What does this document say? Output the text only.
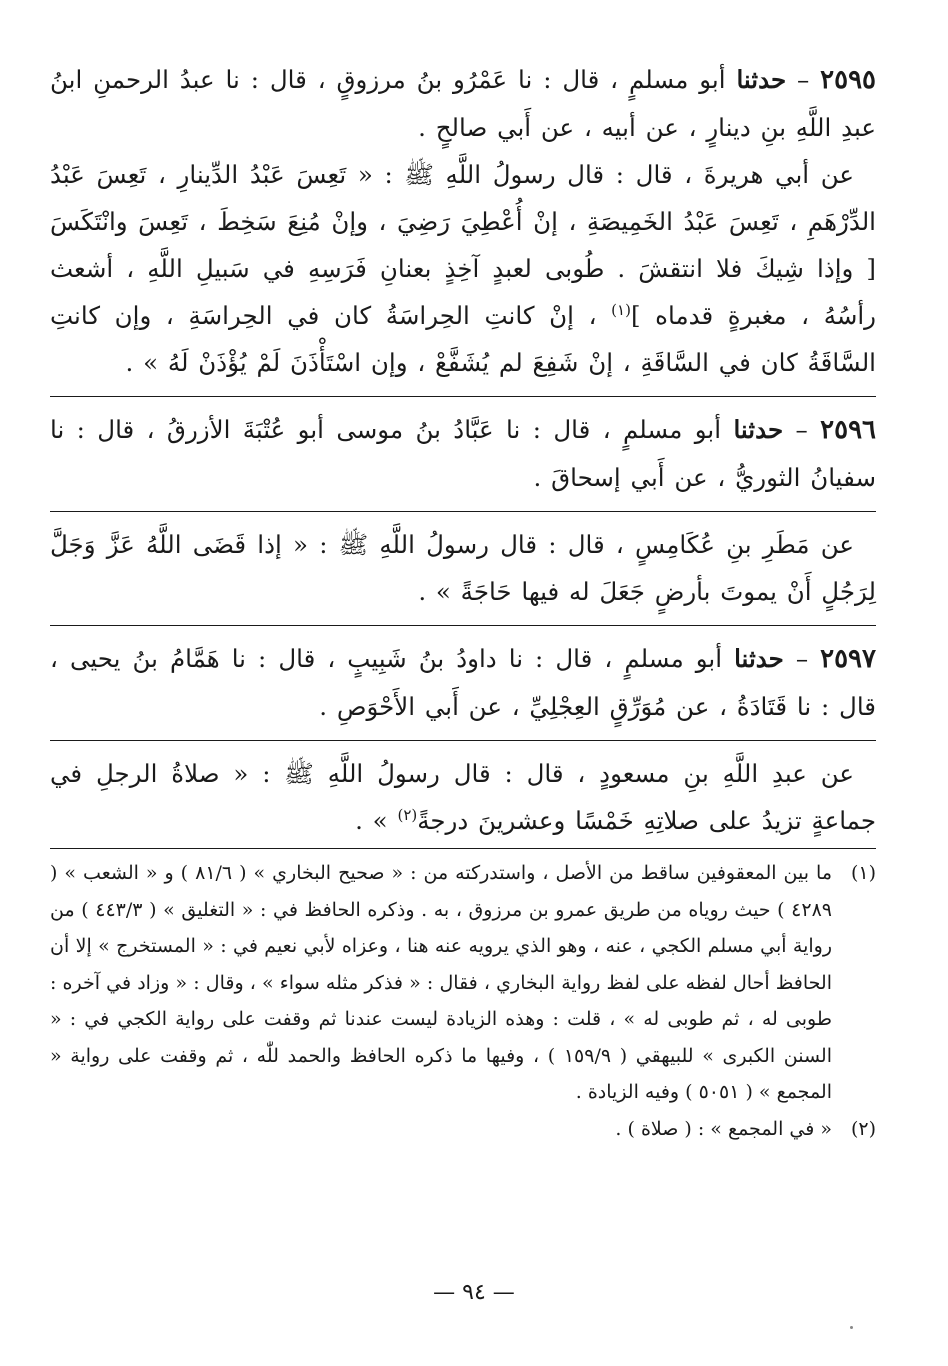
٢٥٩٥ – حدثنا أبو مسلمٍ ، قال : نا عَمْرُو بنُ مرزوقٍ ، قال : نا عبدُ الرحمنِ ابنُ عبدِ اللَّهِ بنِ دينارٍ ، عن أبيه ، عن أَبي صالحٍ .

عن أبي هريرةَ ، قال : قال رسولُ اللَّهِ ﷺ : « تَعِسَ عَبْدُ الدِّينارِ ، تَعِسَ عَبْدُ الدِّرْهَمِ ، تَعِسَ عَبْدُ الخَمِيصَةِ ، إنْ أُعْطِيَ رَضِيَ ، وإنْ مُنِعَ سَخِطَ ، تَعِسَ وانْتَكَسَ [ وإذا شِيكَ فلا انتقشَ . طُوبى لعبدٍ آخِذٍ بعنانِ فَرَسِهِ في سَبيلِ اللَّهِ ، أشعث رأسُهُ ، مغبرةٍ قدماه ]$^{(١)}$ ، إنْ كانتِ الحِراسَةُ كان في الحِراسَةِ ، وإن كانتِ السَّاقَةُ كان في السَّاقَةِ ، إنْ شَفِعَ لم يُشَفَّعْ ، وإن اسْتَأْذَنَ لَمْ يُؤْذَنْ لَهُ » .

٢٥٩٦ – حدثنا أبو مسلمٍ ، قال : نا عَبَّادُ بنُ موسى أبو عُتْبَةَ الأزرقُ ، قال : نا سفيانُ الثوريُّ ، عن أَبي إسحاقَ .

عن مَطَرِ بنِ عُكَامِسٍ ، قال : قال رسولُ اللَّهِ ﷺ : « إذا قَضَى اللَّهُ عَزَّ وَجَلَّ لِرَجُلٍ أَنْ يموتَ بأرضٍ جَعَلَ له فيها حَاجَةً » .

٢٥٩٧ – حدثنا أبو مسلمٍ ، قال : نا داودُ بنُ شَبِيبٍ ، قال : نا هَمَّامُ بنُ يحيى ، قال : نا قَتَادَةُ ، عن مُوَرِّقٍ العِجْلِيِّ ، عن أَبي الأَحْوَصِ .

عن عبدِ اللَّهِ بنِ مسعودٍ ، قال : قال رسولُ اللَّهِ ﷺ : « صلاةُ الرجلِ في جماعةٍ تزيدُ على صلاتِهِ خَمْسًا وعشرينَ درجةً$^{(٢)}$ » .

(١)
ما بين المعقوفين ساقط من الأصل ، واستدركته من : « صحيح البخاري » ( ٨١/٦ ) و « الشعب » ( ٤٢٨٩ ) حيث روياه من طريق عمرو بن مرزوق ، به . وذكره الحافظ في : « التغليق » ( ٤٤٣/٣ ) من رواية أبي مسلم الكجي ، عنه ، وهو الذي يرويه عنه هنا ، وعزاه لأبي نعيم في : « المستخرج » إلا أن الحافظ أحال لفظه على لفظ رواية البخاري ، فقال : « فذكر مثله سواء » ، وقال : « وزاد في آخره : طوبى له ، ثم طوبى له » ، قلت : وهذه الزيادة ليست عندنا ثم وقفت على رواية الكجي في : « السنن الكبرى » للبيهقي ( ١٥٩/٩ ) ، وفيها ما ذكره الحافظ والحمد للّٰه ، ثم وقفت على رواية « المجمع » ( ٥٠٥١ ) وفيه الزيادة .
(٢)
« في المجمع » : ( صلاة ) .
— ٩٤ —
